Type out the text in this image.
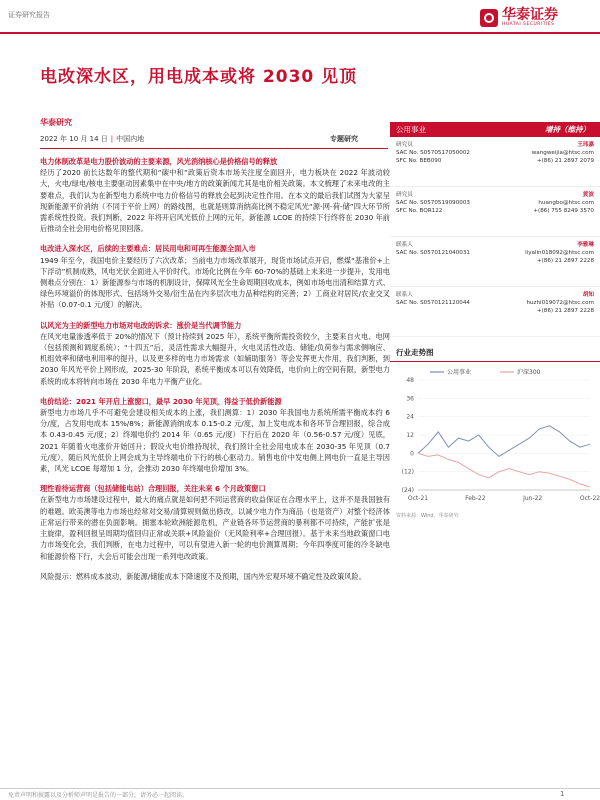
证券研究报告	华泰证券
HUATAI SECURITIES
电改深水区，用电成本或将 2030 见顶
华泰研究
2022 年 10 月 14 日 | 中国内地	专题研究
电力体制改革是电力股价波动的主要来源，风光消纳核心是价格信号的释放
经历了2020 前长达数年的整代期和“碳中和”政策后资本市场关注度全面回升，电力板块在 2022 年波动较大，火电/绿电/核电主要驱动因素集中在中央/地方的政策新闻尤其是电价相关政策。本文梳理了未来电改的主要难点，我们认为在新型电力系统中电力价格信号的释放会起到决定性作用。在本文的最后我们试图为大家呈现新能源平价消纳（不同于平价上网）的路线图，也就是则算消纳高比例不稳定风光“源-网-荷-储”四大环节所需系统性投资。我们判断，2022 年将开启风光低价上网的元年，新能源 LCOE 的持续下行终将在 2030 年前后推动全社会用电价格见顶回落。
电改进入深水区，后续的主要难点：居民用电和可再生能源全面入市
1949 年至今，我国电价主要经历了六次改革；当前电力市场改革展开，现货市场试点开启，燃煤“基准价+上下浮动”机制成熟，风电光伏全面进入平价时代。市场化比例在今年 60-70%的基础上未来进一步提升，发用电侧难点分别在：1）新能源参与市场的机制设计，保障风光全生命周期回收成本，例如市场电出清和结算方式、绿色环境溢价的体现形式、包括场外交易/衍生品在内多层次电力品种结构的完善；2）工商业对居民/农业交叉补贴（0.07-0.1 元/度）的解决。
以风光为主的新型电力市场对电改的诉求：涨价是当代调节能力
在风光电量渗透率低于 20%的情况下（预计持续到 2025 年），系统平衡所需投资较少，主要来自火电、电网（包括预测和调度系统）；“十四五”后，灵活性需求大幅提升，火电灵活性改造、储能/负荷参与需求侧响应、机组效率和储电利用率的提升，以及更多样的电力市场需求（如辅助服务）等会发挥更大作用，我们判断，到 2030 年风光平价上网形成，2025-30 年阶段，系统平衡成本可以有效降低，电价向上的空间有限，新型电力系统的成本将转向市场在 2030 年电力平衡产业化。
电价结论：2021 年开启上涨窗口，最早 2030 年见顶，得益于低价新能源
新型电力市场几乎不可避免会建设相关成本的上涨，我们测算：1）2030 年我国电力系统所需平衡成本约 6 分/度，占发用电成本 15%/8%；新能源消纳成本 0.15-0.2 元/度，加上发电成本和各环节合理回报，综合成本 0.43-0.45 元/度；2）终端电价约 2014 年（0.65 元/度）下行后在 2020 年（0.56-0.57 元/度）见底，2021 年随着火电涨价开始回升；假设火电价维持现状，我们预计全社会用电成本在 2030-35 年见顶（0.7 元/度），随后风光低价上网会成为主导终端电价下行的核心驱动力。销售电价中发电侧上网电价一直是主导因素，风光 LCOE 每增加 1 分，会推动 2030 年终端电价增加 3%。
理性看待运营商（包括储能电站）合理回报，关注未来 6 个月政策窗口
在新型电力市场建设过程中，最大的痛点就是如何把不同运营商的收益保证在合理水平上，这并不是我国独有的难题。欧美澳等电力市场也经常对交易/清算规则做出修改，以减少电力作为商品（也是资产）对整个经济体正常运行带来的潜在负面影响。拥塞本轮欧洲能源危机，产业链各环节运营商的暴利都不可持续，产能扩张是主旋律，盈利回报呈周期均值回归正常或关联+风险溢价（无风险利率+合理回报）。基于未来当地政策窗口电力市场变化会，我们判断，在电力过程中，可以有望进入新一轮的电价测算周期；今年四季度可能的冷冬缺电和能源价格下行，大会后可能会出现一系列电改政策。
风险提示：燃料成本波动，新能源/储能成本下降速度不及预期，国内外宏观环境不确定性及政策风险。
公用事业	增持（维持）
研究员	王玮嘉
SAC No. S0570517050002	wangweijia@htsc.com
SFC No. BEB090	+(86) 21 2897 2079
研究员	黄波
SAC No. S0570519090003	huangbo@htsc.com
SFC No. BQR122	+(86) 755 8249 3570
联系人	李雅琳
SAC No. S0570121040031	liyalin018092@htsc.com
+(86) 21 2897 2228
联系人	胡知
SAC No. S0570121120044	huzhi019072@htsc.com
+(86) 21 2897 2228
行业走势图
48
36
24
12
0
(12)
(24)
Oct-21	Feb-22	Jun-22	Oct-22
公用事业	沪深300
资料来源：Wind，华泰研究
免责声明和披露以及分析师声明是报告的一部分，请务必一起阅读。	1
